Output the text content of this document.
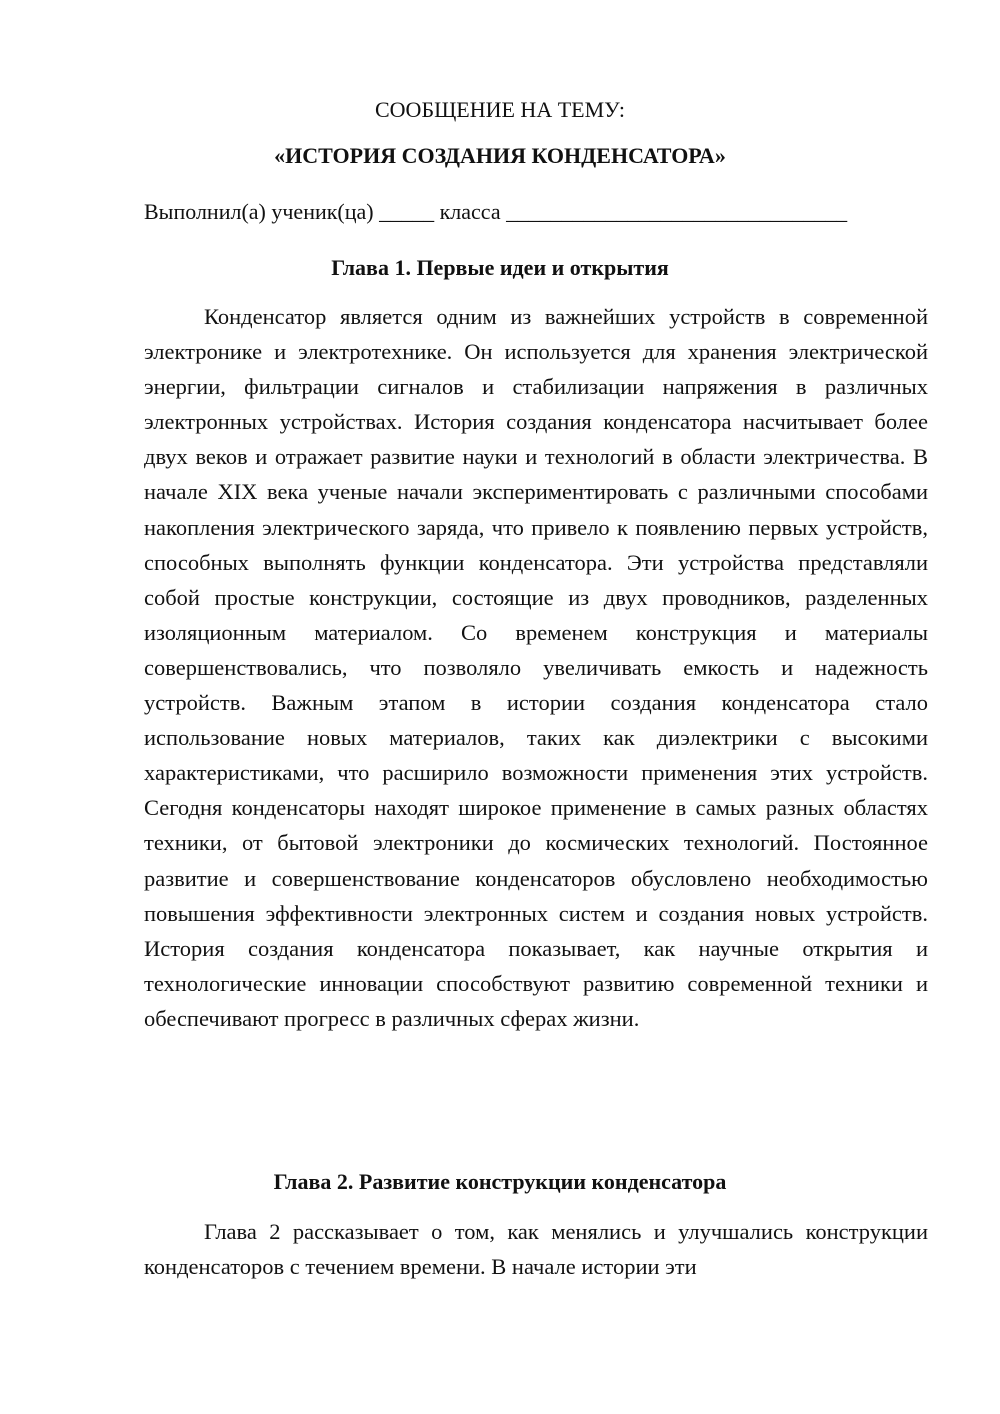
СООБЩЕНИЕ НА ТЕМУ:
«ИСТОРИЯ СОЗДАНИЯ КОНДЕНСАТОРА»
Выполнил(а) ученик(ца) _____ класса _______________________________
Глава 1. Первые идеи и открытия

Конденсатор является одним из важнейших устройств в современной электронике и электротехнике. Он используется для хранения электрической энергии, фильтрации сигналов и стабилизации напряжения в различных электронных устройствах. История создания конденсатора насчитывает более двух веков и отражает развитие науки и технологий в области электричества. В начале XIX века ученые начали экспериментировать с различными способами накопления электрического заряда, что привело к появлению первых устройств, способных выполнять функции конденсатора. Эти устройства представляли собой простые конструкции, состоящие из двух проводников, разделенных изоляционным материалом. Со временем конструкция и материалы совершенствовались, что позволяло увеличивать емкость и надежность устройств. Важным этапом в истории создания конденсатора стало использование новых материалов, таких как диэлектрики с высокими характеристиками, что расширило возможности применения этих устройств. Сегодня конденсаторы находят широкое применение в самых разных областях техники, от бытовой электроники до космических технологий. Постоянное развитие и совершенствование конденсаторов обусловлено необходимостью повышения эффективности электронных систем и создания новых устройств. История создания конденсатора показывает, как научные открытия и технологические инновации способствуют развитию современной техники и обеспечивают прогресс в различных сферах жизни.

Глава 2. Развитие конструкции конденсатора

Глава 2 рассказывает о том, как менялись и улучшались конструкции конденсаторов с течением времени. В начале истории эти
